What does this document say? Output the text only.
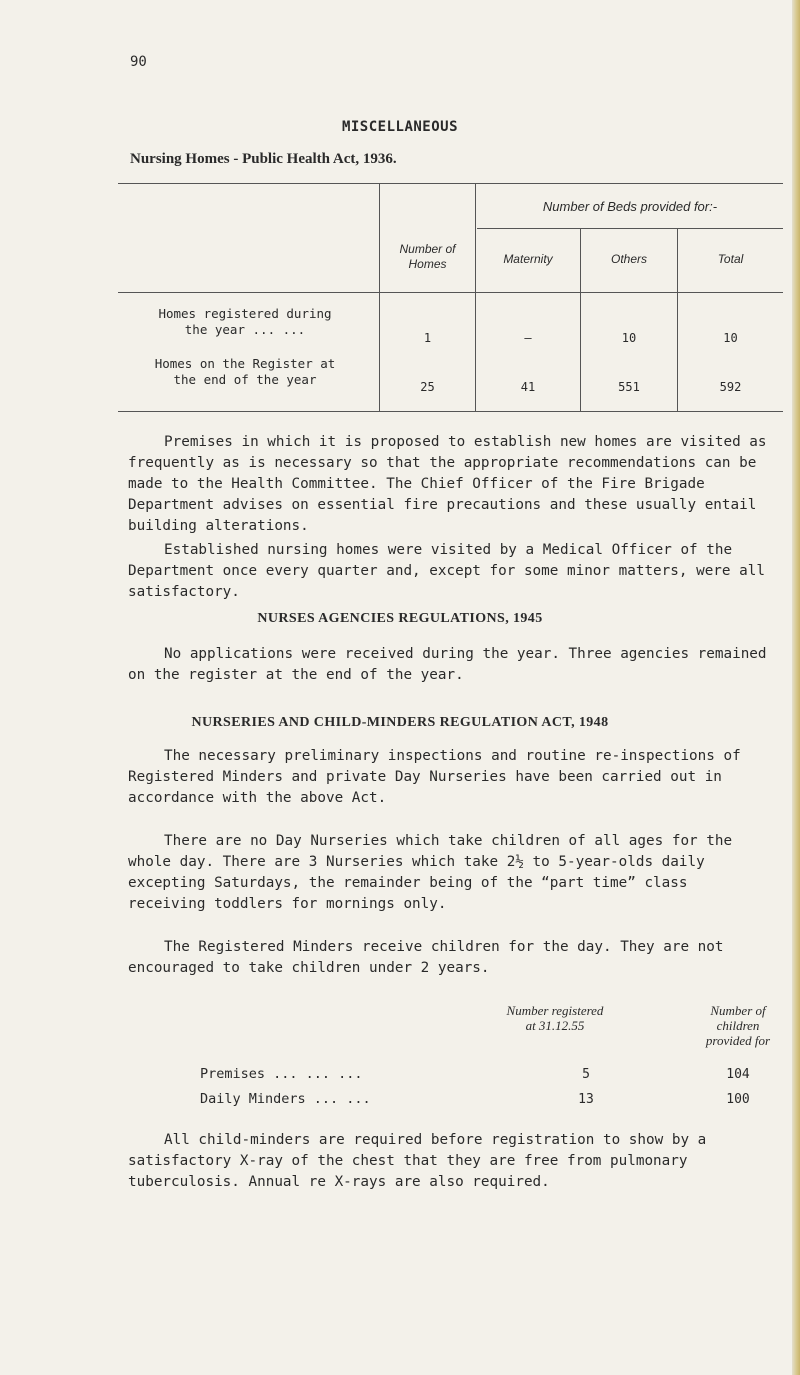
90
MISCELLANEOUS
Nursing Homes - Public Health Act, 1936.
Number of
Homes
Number of Beds provided for:-
Maternity	Others	Total
Homes registered during
the year ... ...
1	–	10	10
Homes on the Register at
the end of the year	25	41	551	592

Premises in which it is proposed to establish new homes are visited as frequently as is necessary so that the appropriate recommendations can be made to the Health Committee. The Chief Officer of the Fire Brigade Department advises on essential fire precautions and these usually entail building alterations.

Established nursing homes were visited by a Medical Officer of the Department once every quarter and, except for some minor matters, were all satisfactory.

NURSES AGENCIES REGULATIONS, 1945

No applications were received during the year. Three agencies remained on the register at the end of the year.

NURSERIES AND CHILD-MINDERS REGULATION ACT, 1948

The necessary preliminary inspections and routine re-inspections of Registered Minders and private Day Nurseries have been carried out in accordance with the above Act.

There are no Day Nurseries which take children of all ages for the whole day. There are 3 Nurseries which take 2½ to 5-year-olds daily excepting Saturdays, the remainder being of the “part time” class receiving toddlers for mornings only.

The Registered Minders receive children for the day. They are not encouraged to take children under 2 years.

Number registered
at 31.12.55
Number of
children
provided for
Premises ... ... ...	5	104
Daily Minders ... ...	13	100

All child-minders are required before registration to show by a satisfactory X-ray of the chest that they are free from pulmonary tuberculosis. Annual re X-rays are also required.
